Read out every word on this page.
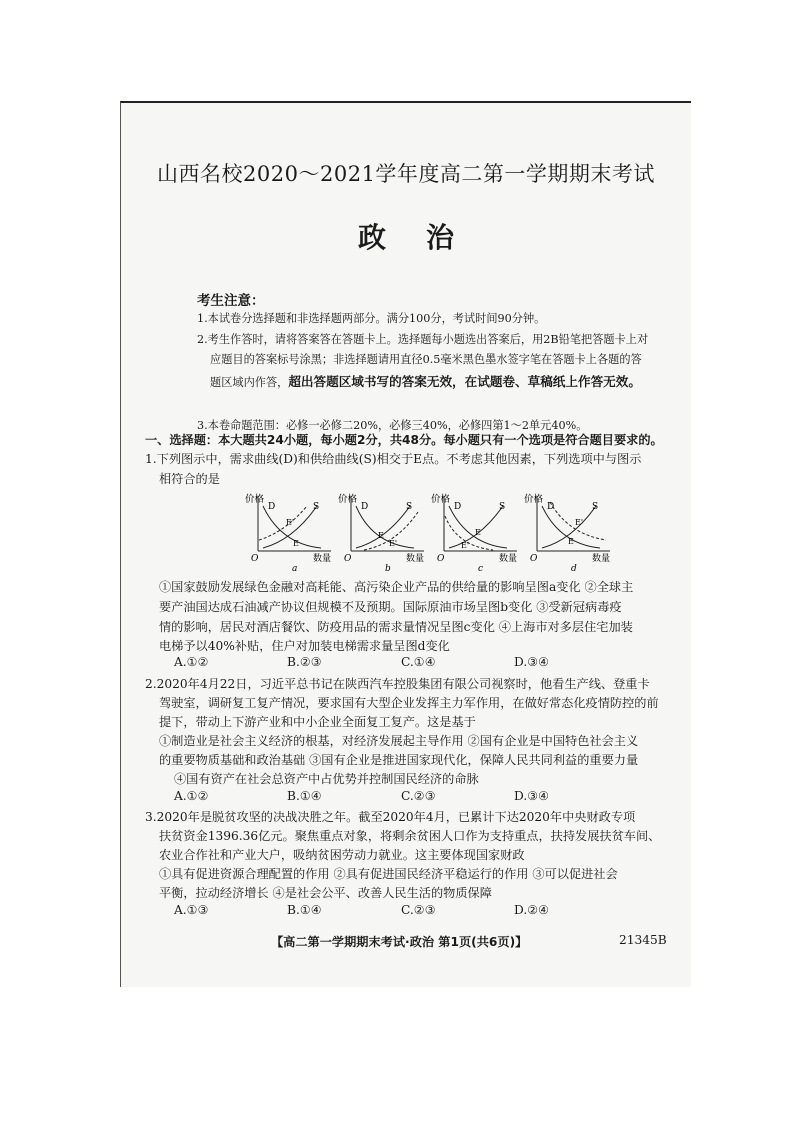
山西名校2020～2021学年度高二第一学期期末考试
政治
考生注意：
1.本试卷分选择题和非选择题两部分。满分100分，考试时间90分钟。
2.考生作答时，请将答案答在答题卡上。选择题每小题选出答案后，用2B铅笔把答题卡上对
应题目的答案标号涂黑；非选择题请用直径0.5毫米黑色墨水签字笔在答题卡上各题的答
题区域内作答，超出答题区域书写的答案无效，在试题卷、草稿纸上作答无效。
3.本卷命题范围：必修一必修二20%，必修三40%，必修四第1～2单元40%。
一、选择题：本大题共24小题，每小题2分，共48分。每小题只有一个选项是符合题目要求的。
1.下列图示中，需求曲线(D)和供给曲线(S)相交于E点。不考虑其他因素，下列选项中与图示
相符合的是
价格
D	S
E'
E
O	数量
a
价格
D	S
E
E'
O	数量
b
价格
D	S
E
E'
O	数量
c
价格
D	S
E'
E
O	数量
d
①国家鼓励发展绿色金融对高耗能、高污染企业产品的供给量的影响呈图a变化 ②全球主
要产油国达成石油减产协议但规模不及预期。国际原油市场呈图b变化 ③受新冠病毒疫
情的影响，居民对酒店餐饮、防疫用品的需求量情况呈图c变化 ④上海市对多层住宅加装
电梯予以40%补贴，住户对加装电梯需求量呈图d变化
A.①②	B.②③	C.①④	D.③④
2.2020年4月22日，习近平总书记在陕西汽车控股集团有限公司视察时，他看生产线、登重卡
驾驶室，调研复工复产情况，要求国有大型企业发挥主力军作用，在做好常态化疫情防控的前
提下，带动上下游产业和中小企业全面复工复产。这是基于
①制造业是社会主义经济的根基，对经济发展起主导作用 ②国有企业是中国特色社会主义
的重要物质基础和政治基础 ③国有企业是推进国家现代化，保障人民共同利益的重要力量
④国有资产在社会总资产中占优势并控制国民经济的命脉
A.①②	B.①④	C.②③	D.③④
3.2020年是脱贫攻坚的决战决胜之年。截至2020年4月，已累计下达2020年中央财政专项
扶贫资金1396.36亿元。聚焦重点对象，将剩余贫困人口作为支持重点，扶持发展扶贫车间、
农业合作社和产业大户，吸纳贫困劳动力就业。这主要体现国家财政
①具有促进资源合理配置的作用 ②具有促进国民经济平稳运行的作用 ③可以促进社会
平衡，拉动经济增长 ④是社会公平、改善人民生活的物质保障
A.①③	B.①④	C.②③	D.②④
【高二第一学期期末考试·政治 第1页(共6页)】	21345B
